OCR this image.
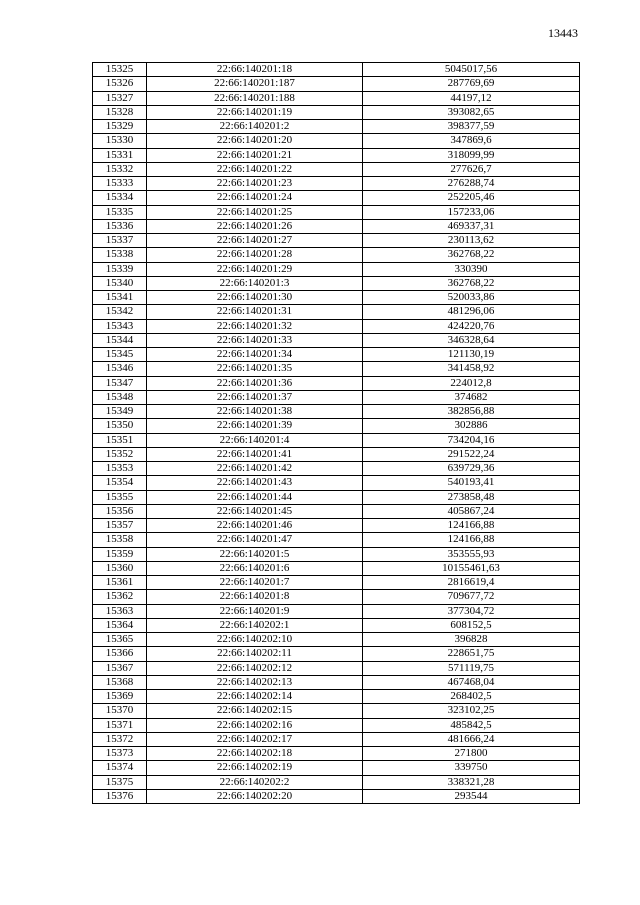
13443
15325	22:66:140201:18	5045017,56
15326	22:66:140201:187	287769,69
15327	22:66:140201:188	44197,12
15328	22:66:140201:19	393082,65
15329	22:66:140201:2	398377,59
15330	22:66:140201:20	347869,6
15331	22:66:140201:21	318099,99
15332	22:66:140201:22	277626,7
15333	22:66:140201:23	276288,74
15334	22:66:140201:24	252205,46
15335	22:66:140201:25	157233,06
15336	22:66:140201:26	469337,31
15337	22:66:140201:27	230113,62
15338	22:66:140201:28	362768,22
15339	22:66:140201:29	330390
15340	22:66:140201:3	362768,22
15341	22:66:140201:30	520033,86
15342	22:66:140201:31	481296,06
15343	22:66:140201:32	424220,76
15344	22:66:140201:33	346328,64
15345	22:66:140201:34	121130,19
15346	22:66:140201:35	341458,92
15347	22:66:140201:36	224012,8
15348	22:66:140201:37	374682
15349	22:66:140201:38	382856,88
15350	22:66:140201:39	302886
15351	22:66:140201:4	734204,16
15352	22:66:140201:41	291522,24
15353	22:66:140201:42	639729,36
15354	22:66:140201:43	540193,41
15355	22:66:140201:44	273858,48
15356	22:66:140201:45	405867,24
15357	22:66:140201:46	124166,88
15358	22:66:140201:47	124166,88
15359	22:66:140201:5	353555,93
15360	22:66:140201:6	10155461,63
15361	22:66:140201:7	2816619,4
15362	22:66:140201:8	709677,72
15363	22:66:140201:9	377304,72
15364	22:66:140202:1	608152,5
15365	22:66:140202:10	396828
15366	22:66:140202:11	228651,75
15367	22:66:140202:12	571119,75
15368	22:66:140202:13	467468,04
15369	22:66:140202:14	268402,5
15370	22:66:140202:15	323102,25
15371	22:66:140202:16	485842,5
15372	22:66:140202:17	481666,24
15373	22:66:140202:18	271800
15374	22:66:140202:19	339750
15375	22:66:140202:2	338321,28
15376	22:66:140202:20	293544
